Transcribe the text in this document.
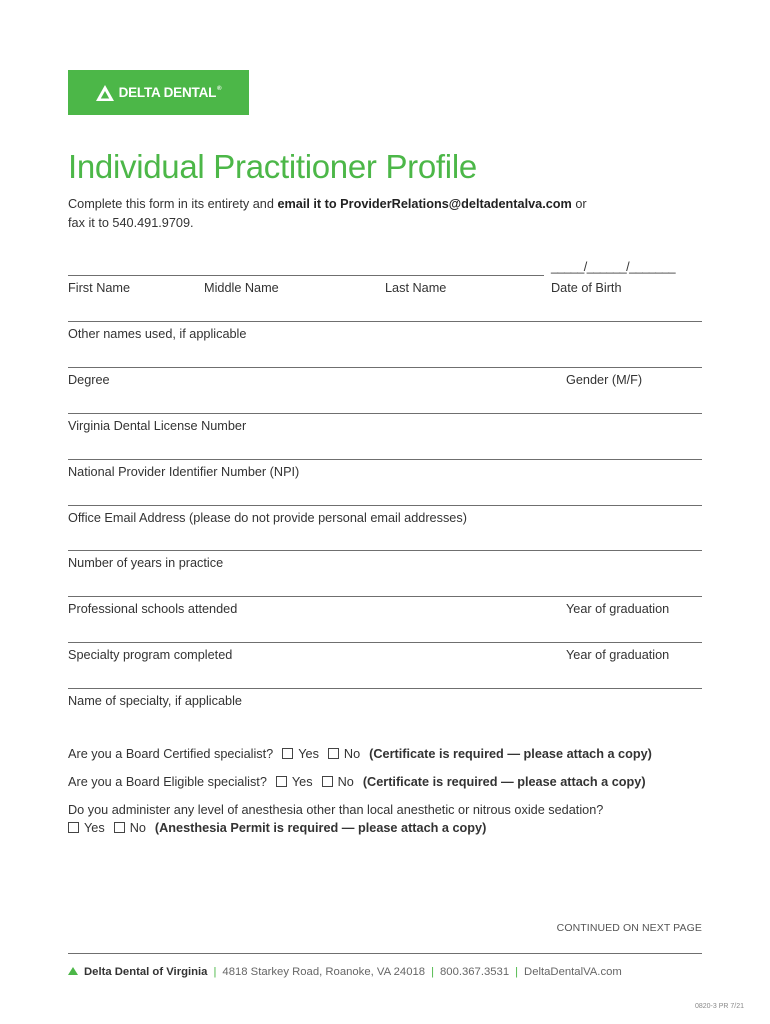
DELTA DENTAL®
Individual Practitioner Profile
Complete this form in its entirety and email it to ProviderRelations@deltadentalva.com or
fax it to 540.491.9709.
_____/______/_______
First Name	Middle Name	Last Name	Date of Birth
Other names used, if applicable
Degree	Gender (M/F)
Virginia Dental License Number
National Provider Identifier Number (NPI)
Office Email Address (please do not provide personal email addresses)
Number of years in practice
Professional schools attended	Year of graduation
Specialty program completed	Year of graduation
Name of specialty, if applicable
Are you a Board Certified specialist? Yes No (Certificate is required — please attach a copy)
Are you a Board Eligible specialist? Yes No (Certificate is required — please attach a copy)
Do you administer any level of anesthesia other than local anesthetic or nitrous oxide sedation?
Yes No (Anesthesia Permit is required — please attach a copy)
CONTINUED ON NEXT PAGE
Delta Dental of Virginia | 4818 Starkey Road, Roanoke, VA 24018 | 800.367.3531 | DeltaDentalVA.com
0820-3 PR 7/21
